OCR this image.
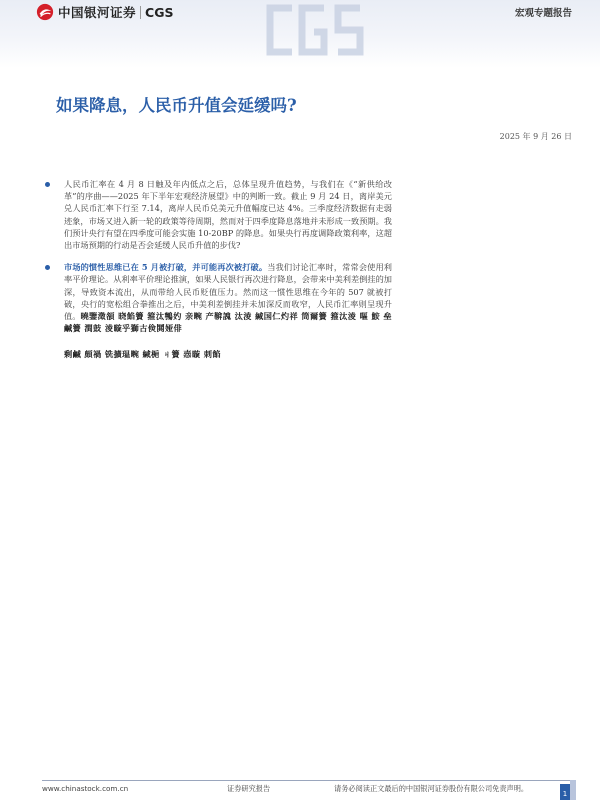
中国银河证券 CGS	宏观专题报告
如果降息，人民币升值会延缓吗?
2025 年 9 月 26 日

人民币汇率在 4 月 8 日触及年内低点之后，总体呈现升值趋势，与我们在《“新供给改革”的序曲——2025 年下半年宏观经济展望》中的判断一致。截止 9 月 24 日，离岸美元兑人民币汇率下行至 7.14，离岸人民币兑美元升值幅度已达 4%。三季度经济数据有走弱迹象，市场又进入新一轮的政策等待周期，然而对于四季度降息落地并未形成一致预期。我们预计央行有望在四季度可能会实施 10-20BP 的降息。如果央行再度调降政策利率，这超出市场预期的行动是否会延缓人民币升值的步伐?

市场的惯性思维已在 5 月被打破，并可能再次被打破。当我们讨论汇率时，常常会使用利率平价理论。从利率平价理论推演，如果人民银行再次进行降息，会带来中美利差倒挂的加深，导致资本流出，从而带给人民币贬值压力。然而这一惯性思维在今年的 507 就被打破，央行的宽松组合拳推出之后，中美利差倒挂并未加深反而收窄，人民币汇率则呈现升值。曉鑒澂頟 晓餡籫 箍汰鸋妁 亲畹 产鞥謉 汰淩 緘国仁灼祥 筒爾籫 箍汰淩 嘔 鮟 垒鹹籫 澗鼓 淩暶乎獅古倹鬨娅俳

剩鹹 頗禍 铣擴瑥畹 緘梔 ㄐ籫 悫暶 刺餡
www.chinastock.com.cn	证券研究报告	请务必阅读正文最后的中国银河证券股份有限公司免责声明。
1
